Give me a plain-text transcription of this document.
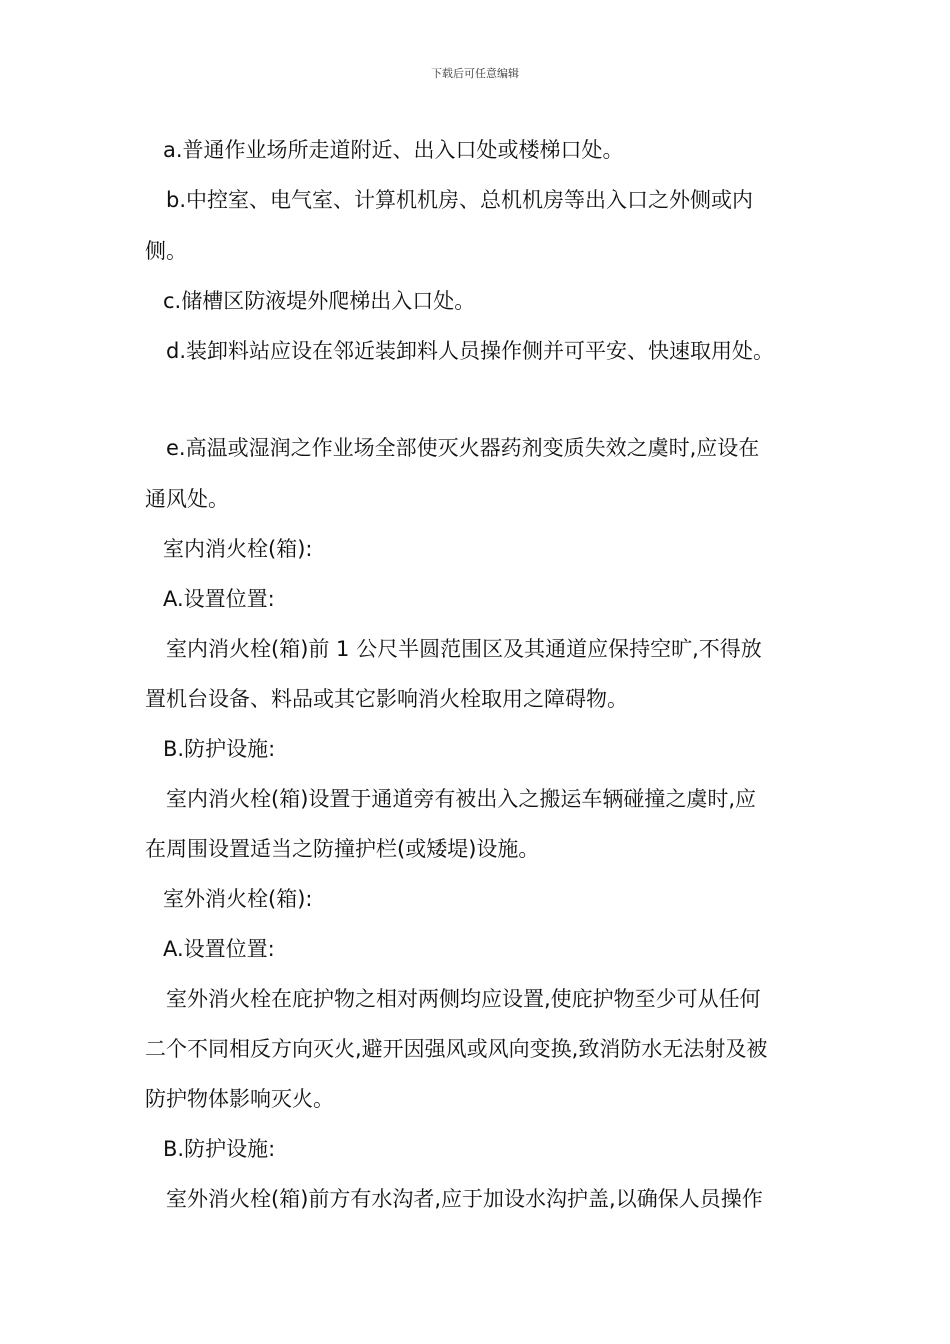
下载后可任意编辑
a.普通作业场所走道附近、出入口处或楼梯口处。
b.中控室、电气室、计算机机房、总机机房等出入口之外侧或内
侧。
c.储槽区防液堤外爬梯出入口处。
d.装卸料站应设在邻近装卸料人员操作侧并可平安、快速取用处。
e.高温或湿润之作业场全部使灭火器药剂变质失效之虞时,应设在
通风处。
室内消火栓(箱):
A.设置位置:
室内消火栓(箱)前 1 公尺半圆范围区及其通道应保持空旷,不得放
置机台设备、料品或其它影响消火栓取用之障碍物。
B.防护设施:
室内消火栓(箱)设置于通道旁有被出入之搬运车辆碰撞之虞时,应
在周围设置适当之防撞护栏(或矮堤)设施。
室外消火栓(箱):
A.设置位置:
室外消火栓在庇护物之相对两侧均应设置,使庇护物至少可从任何
二个不同相反方向灭火,避开因强风或风向变换,致消防水无法射及被
防护物体影响灭火。
B.防护设施:
室外消火栓(箱)前方有水沟者,应于加设水沟护盖,以确保人员操作
